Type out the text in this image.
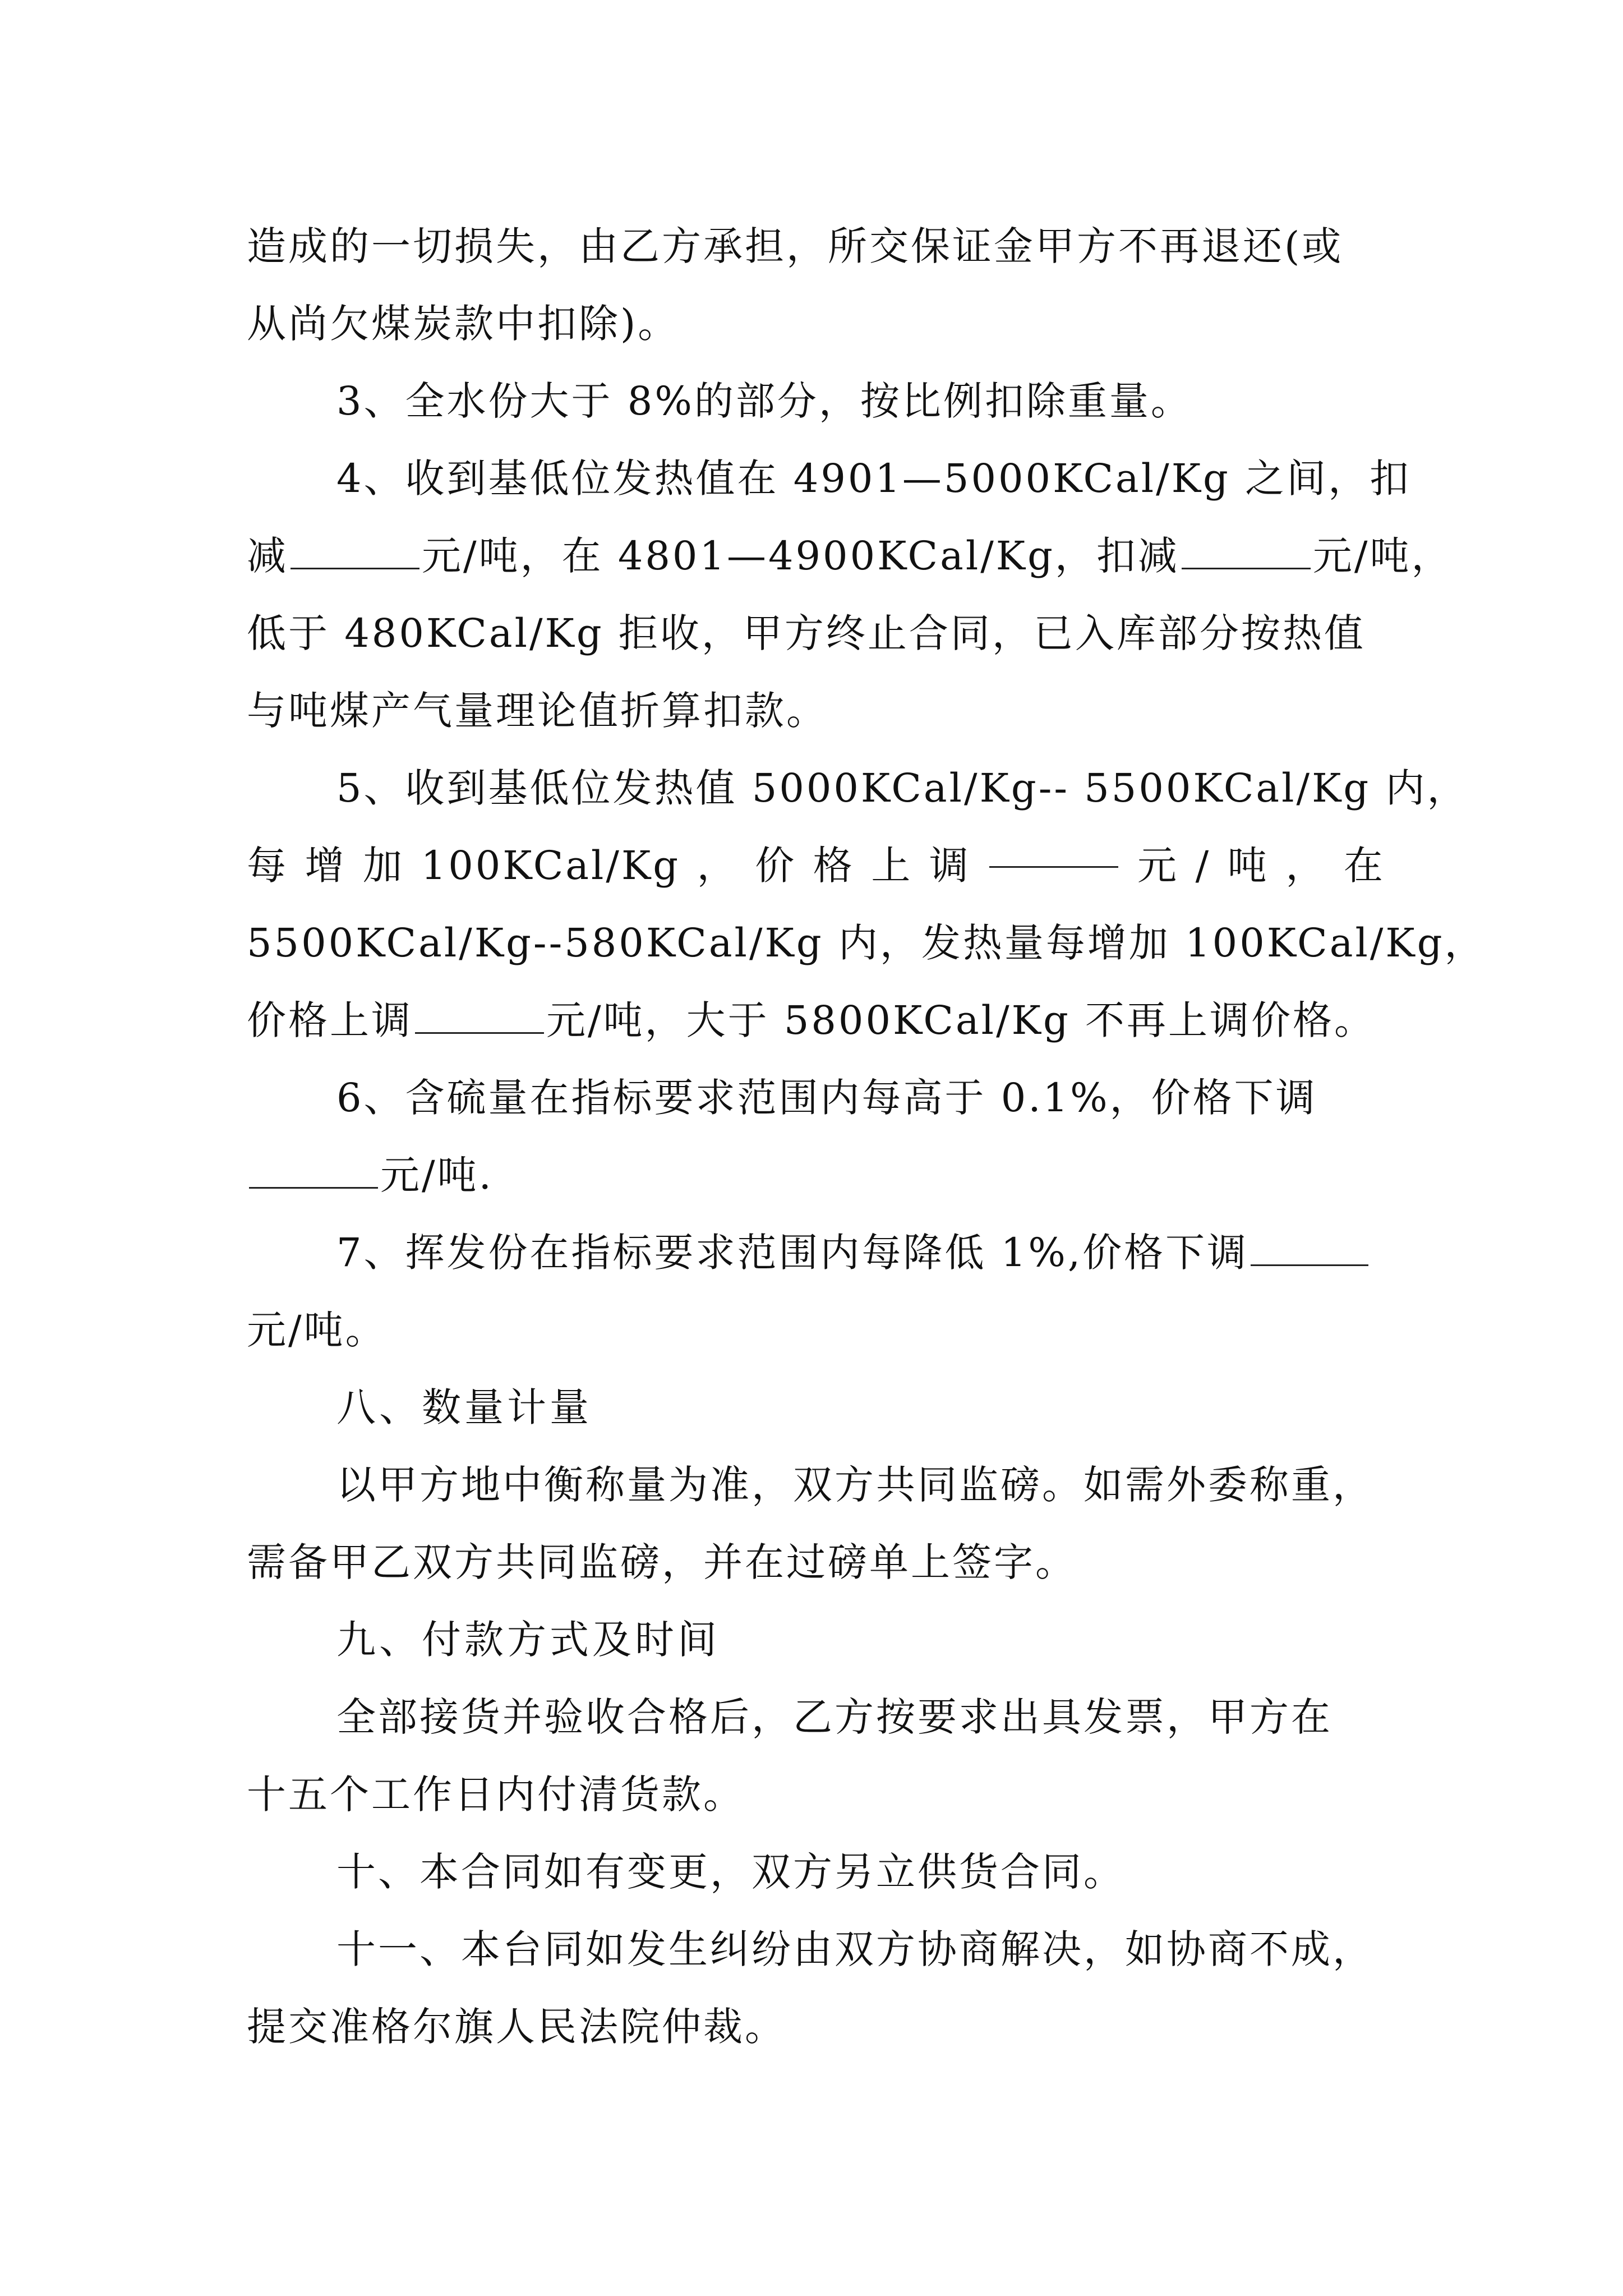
造成的一切损失，由乙方承担，所交保证金甲方不再退还(或
从尚欠煤炭款中扣除)。
3、全水份大于 8%的部分，按比例扣除重量。
4、收到基低位发热值在 4901—5000KCal/Kg 之间，扣
减	元/吨，在 4801—4900KCal/Kg，扣减	元/吨，
低于 480KCal/Kg 拒收，甲方终止合同，已入库部分按热值
与吨煤产气量理论值折算扣款。
5、收到基低位发热值 5000KCal/Kg-- 5500KCal/Kg 内，
每 增 加 100KCal/Kg ， 价 格 上 调	元 / 吨 ， 在
5500KCal/Kg--580KCal/Kg 内，发热量每增加 100KCal/Kg，
价格上调	元/吨，大于 5800KCal/Kg 不再上调价格。
6、含硫量在指标要求范围内每高于 0.1%，价格下调
元/吨.
7、挥发份在指标要求范围内每降低 1%,价格下调
元/吨。
八、数量计量
以甲方地中衡称量为准，双方共同监磅。如需外委称重，
需备甲乙双方共同监磅，并在过磅单上签字。
九、付款方式及时间
全部接货并验收合格后，乙方按要求出具发票，甲方在
十五个工作日内付清货款。
十、本合同如有变更，双方另立供货合同。
十一、本台同如发生纠纷由双方协商解决，如协商不成，
提交准格尔旗人民法院仲裁。
